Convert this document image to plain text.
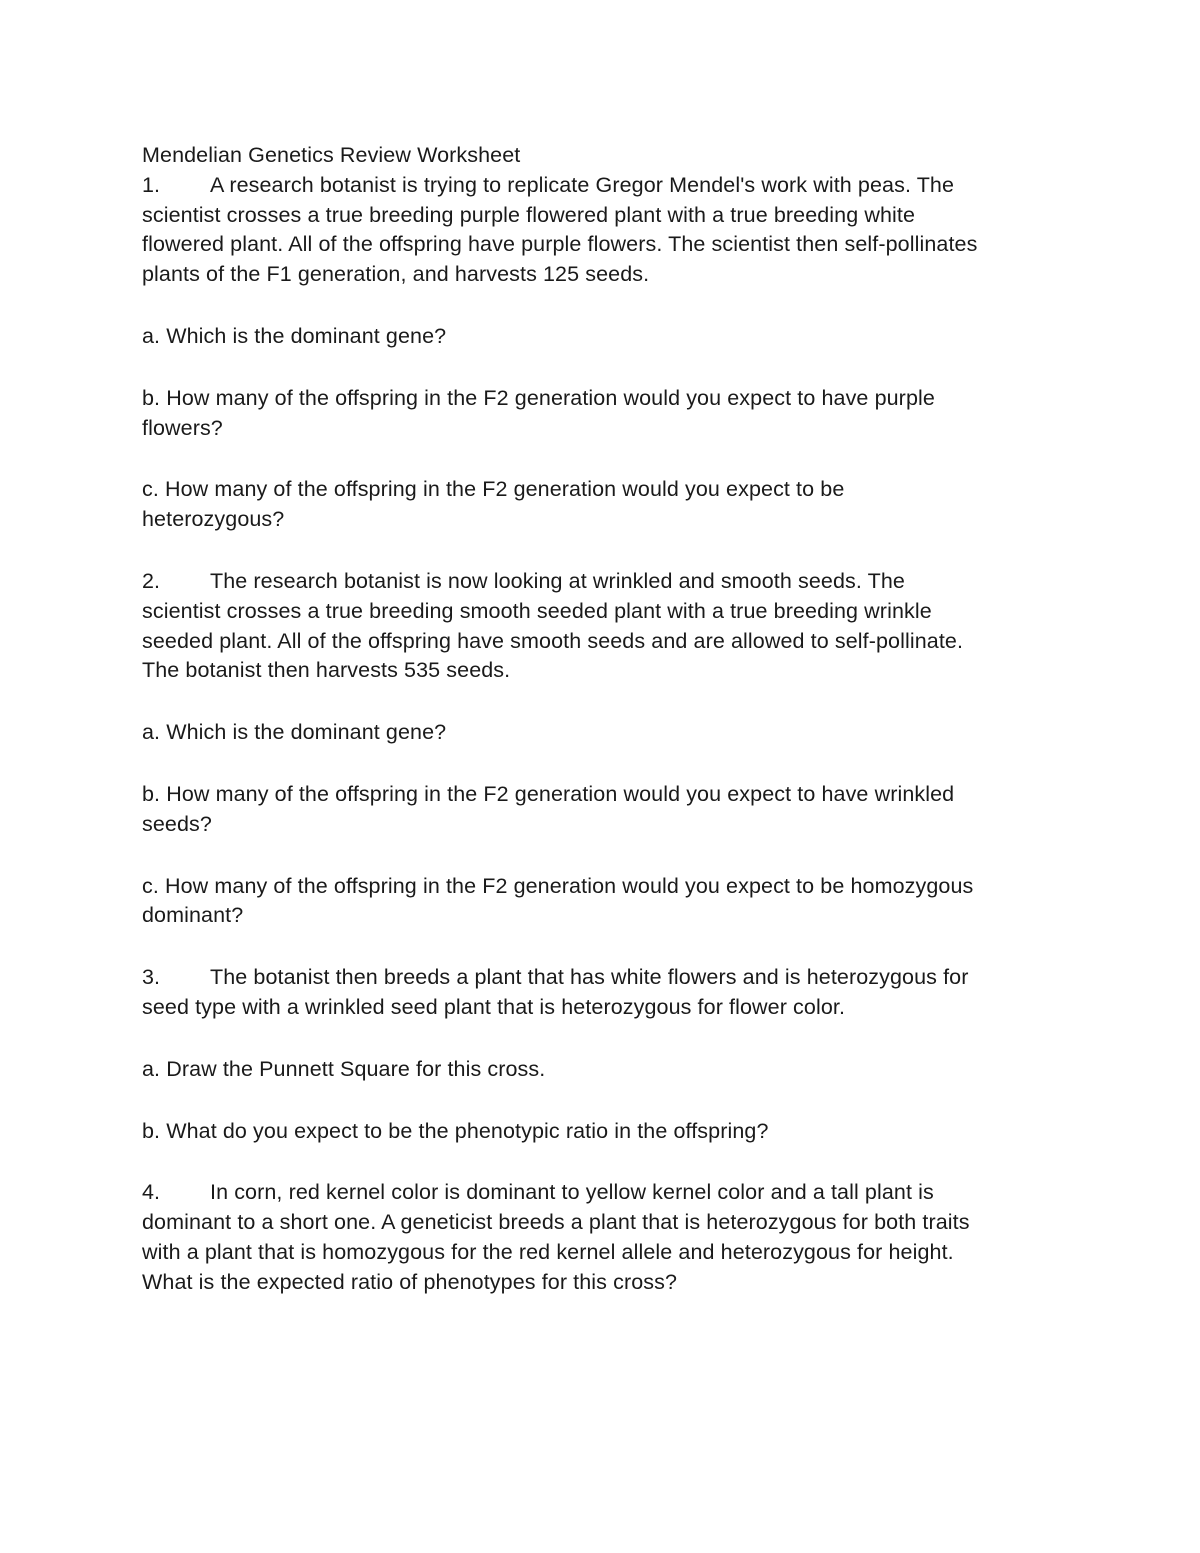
Mendelian Genetics Review Worksheet
1. A research botanist is trying to replicate Gregor Mendel's work with peas. The
scientist crosses a true breeding purple flowered plant with a true breeding white
flowered plant. All of the offspring have purple flowers. The scientist then self-pollinates
plants of the F1 generation, and harvests 125 seeds.
a. Which is the dominant gene?
b. How many of the offspring in the F2 generation would you expect to have purple
flowers?
c. How many of the offspring in the F2 generation would you expect to be
heterozygous?
2. The research botanist is now looking at wrinkled and smooth seeds. The
scientist crosses a true breeding smooth seeded plant with a true breeding wrinkle
seeded plant. All of the offspring have smooth seeds and are allowed to self-pollinate.
The botanist then harvests 535 seeds.
a. Which is the dominant gene?
b. How many of the offspring in the F2 generation would you expect to have wrinkled
seeds?
c. How many of the offspring in the F2 generation would you expect to be homozygous
dominant?
3. The botanist then breeds a plant that has white flowers and is heterozygous for
seed type with a wrinkled seed plant that is heterozygous for flower color.
a. Draw the Punnett Square for this cross.
b. What do you expect to be the phenotypic ratio in the offspring?
4. In corn, red kernel color is dominant to yellow kernel color and a tall plant is
dominant to a short one. A geneticist breeds a plant that is heterozygous for both traits
with a plant that is homozygous for the red kernel allele and heterozygous for height.
What is the expected ratio of phenotypes for this cross?
